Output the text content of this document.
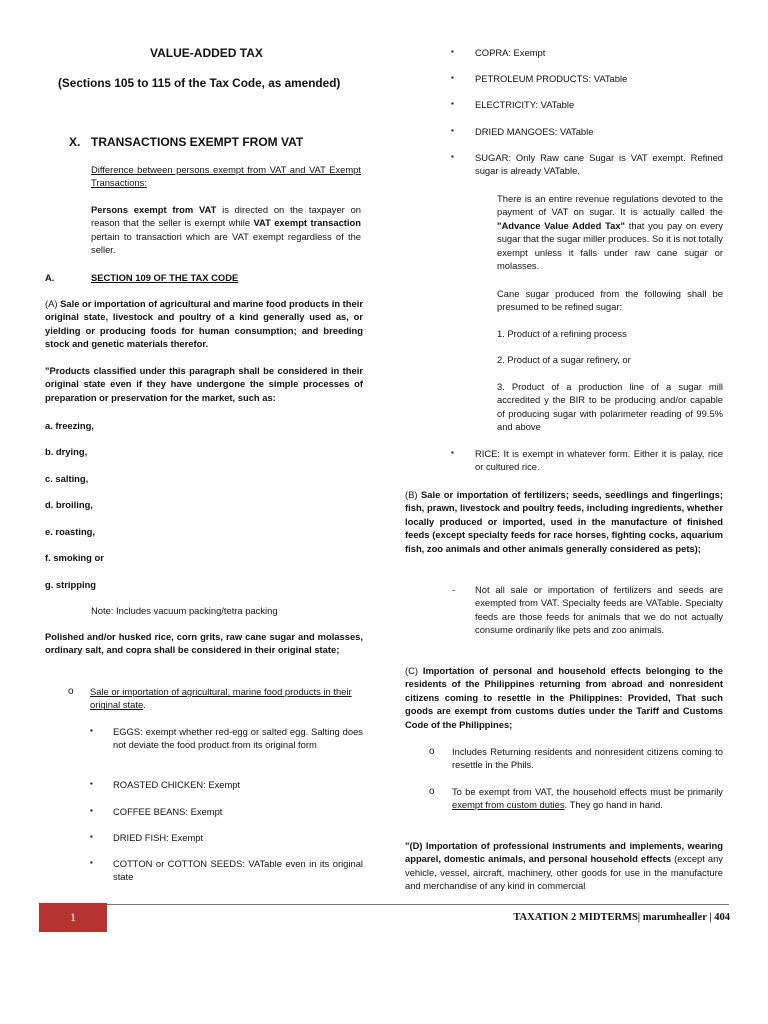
VALUE-ADDED TAX

(Sections 105 to 115 of the Tax Code, as amended)

X. TRANSACTIONS EXEMPT FROM VAT

Difference between persons exempt from VAT and VAT Exempt Transactions:

Persons exempt from VAT is directed on the taxpayer on reason that the seller is exempt while VAT exempt transaction pertain to transaction which are VAT exempt regardless of the seller.

A.	SECTION 109 OF THE TAX CODE

(A) Sale or importation of agricultural and marine food products in their original state, livestock and poultry of a kind generally used as, or yielding or producing foods for human consumption; and breeding stock and genetic materials therefor.

"Products classified under this paragraph shall be considered in their original state even if they have undergone the simple processes of preparation or preservation for the market, such as:

a. freezing,

b. drying,

c. salting,

d. broiling,

e. roasting,

f. smoking or

g. stripping

Note: Includes vacuum packing/tetra packing

Polished and/or husked rice, corn grits, raw cane sugar and molasses, ordinary salt, and copra shall be considered in their original state;

o Sale or importation of agricultural, marine food products in their original state.

▪ EGGS: exempt whether red-egg or salted egg. Salting does not deviate the food product from its original form

▪ ROASTED CHICKEN: Exempt

▪ COFFEE BEANS: Exempt

▪ DRIED FISH: Exempt

▪ COTTON or COTTON SEEDS: VATable even in its original state

▪ COPRA: Exempt

▪ PETROLEUM PRODUCTS: VATable

▪ ELECTRICITY: VATable

▪ DRIED MANGOES: VATable

▪ SUGAR: Only Raw cane Sugar is VAT exempt. Refined sugar is already VATable.

There is an entire revenue regulations devoted to the payment of VAT on sugar. It is actually called the "Advance Value Added Tax" that you pay on every sugar that the sugar miller produces. So it is not totally exempt unless it falls under raw cane sugar or molasses.

Cane sugar produced from the following shall be presumed to be refined sugar:

1. Product of a refining process

2. Product of a sugar refinery, or

3. Product of a production line of a sugar mill accredited y the BIR to be producing and/or capable of producing sugar with polarimeter reading of 99.5% and above

▪ RICE: It is exempt in whatever form. Either it is palay, rice or cultured rice.

(B) Sale or importation of fertilizers; seeds, seedlings and fingerlings; fish, prawn, livestock and poultry feeds, including ingredients, whether locally produced or imported, used in the manufacture of finished feeds (except specialty feeds for race horses, fighting cocks, aquarium fish, zoo animals and other animals generally considered as pets);

- Not all sale or importation of fertilizers and seeds are exempted from VAT. Specialty feeds are VATable. Specialty feeds are those feeds for animals that we do not actually consume ordinarily like pets and zoo animals.

(C) Importation of personal and household effects belonging to the residents of the Philippines returning from abroad and nonresident citizens coming to resettle in the Philippines: Provided, That such goods are exempt from customs duties under the Tariff and Customs Code of the Philippines;

o Includes Returning residents and nonresident citizens coming to resettle in the Phils.

o To be exempt from VAT, the household effects must be primarily exempt from custom duties. They go hand in hand.

"(D) Importation of professional instruments and implements, wearing apparel, domestic animals, and personal household effects (except any vehicle, vessel, aircraft, machinery, other goods for use in the manufacture and merchandise of any kind in commercial

1	TAXATION 2 MIDTERMS| marumhealler | 404
